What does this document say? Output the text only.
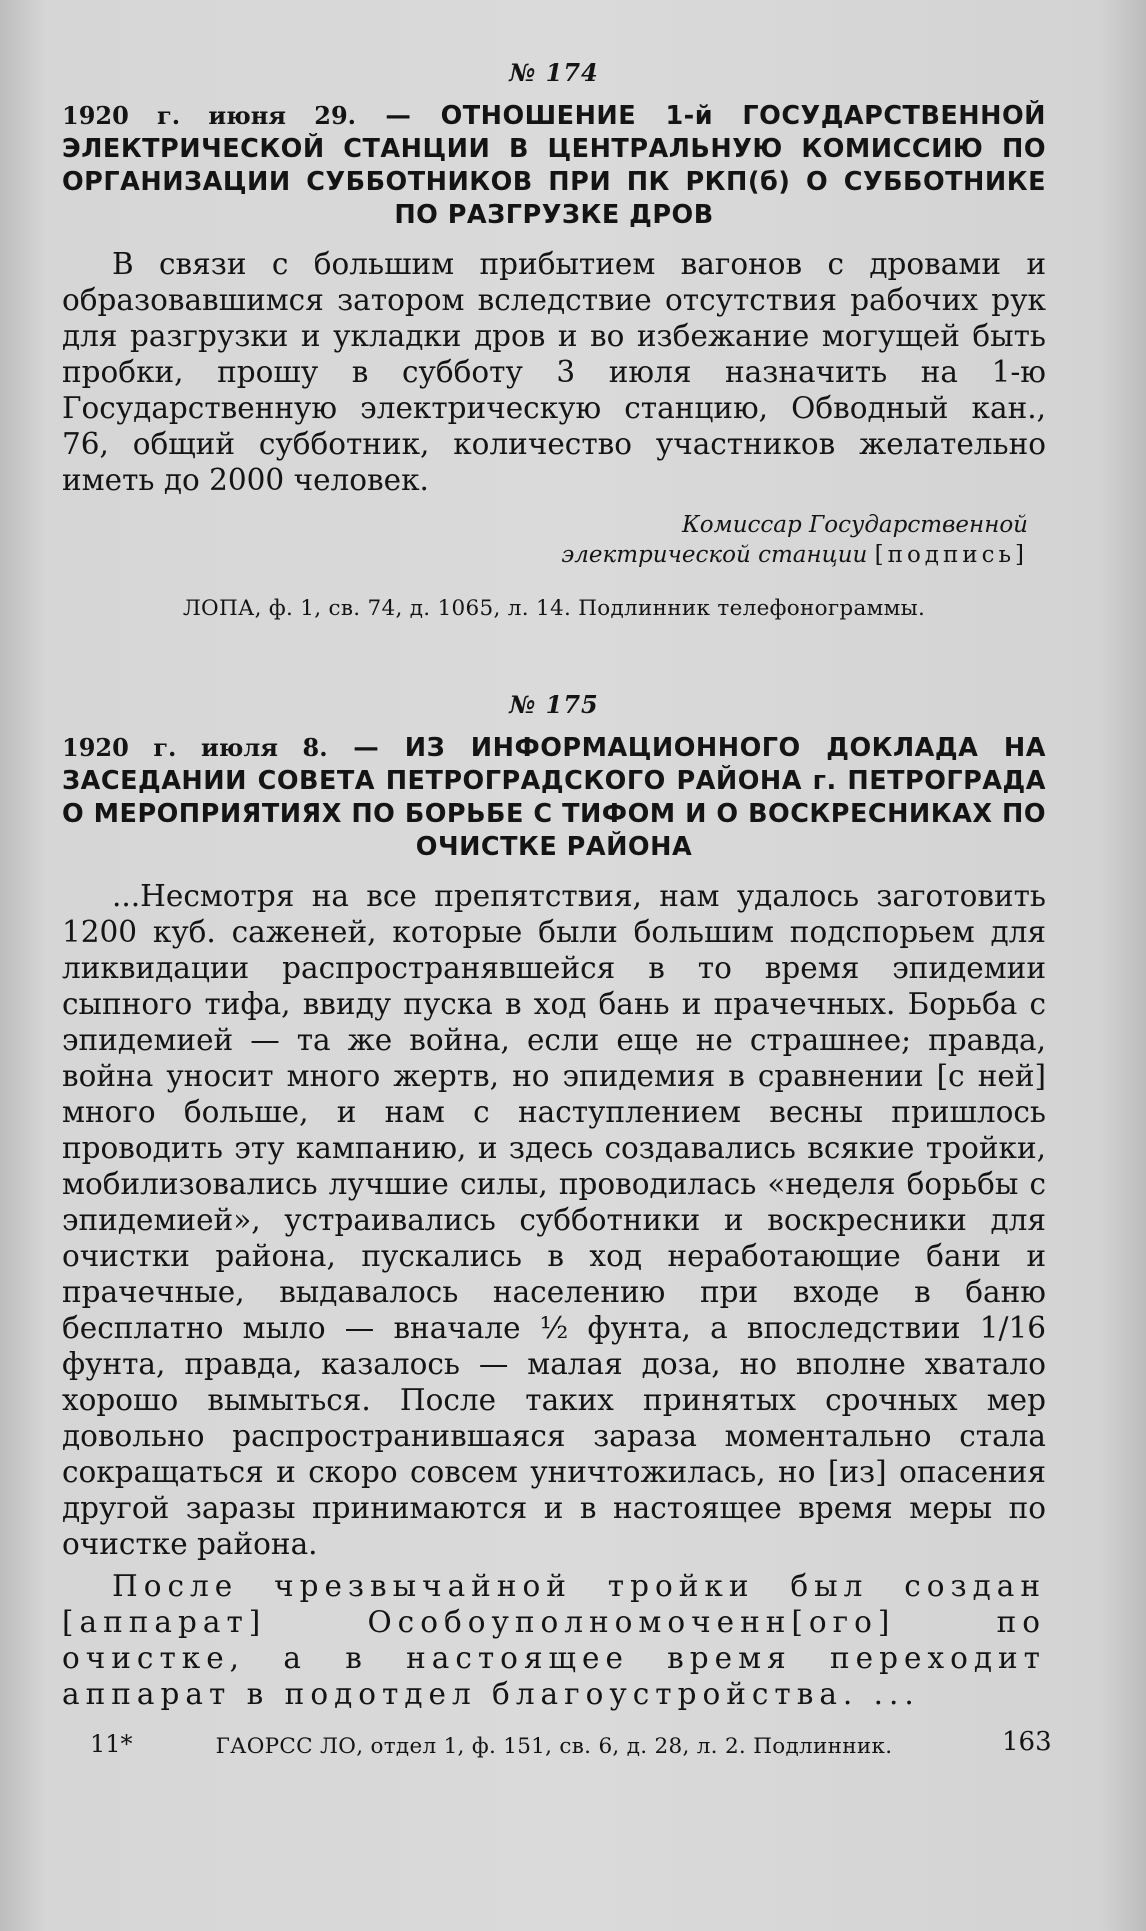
№ 174
1920 г. июня 29. — ОТНОШЕНИЕ 1-й ГОСУДАРСТВЕННОЙ ЭЛЕКТРИЧЕСКОЙ СТАНЦИИ В ЦЕНТРАЛЬНУЮ КОМИССИЮ ПО ОРГАНИЗАЦИИ СУББОТНИКОВ ПРИ ПК РКП(б) О СУББОТНИКЕ ПО РАЗГРУЗКЕ ДРОВ

В связи с большим прибытием вагонов с дровами и образовавшимся затором вследствие отсутствия рабочих рук для разгрузки и укладки дров и во избежание могущей быть пробки, прошу в субботу 3 июля назначить на 1-ю Государственную электрическую станцию, Обводный кан., 76, общий субботник, количество участников желательно иметь до 2000 человек.

Комиссар Государственной
электрической станции [подпись]
ЛОПА, ф. 1, св. 74, д. 1065, л. 14. Подлинник телефонограммы.
№ 175
1920 г. июля 8. — ИЗ ИНФОРМАЦИОННОГО ДОКЛАДА НА ЗАСЕДАНИИ СОВЕТА ПЕТРОГРАДСКОГО РАЙОНА г. ПЕТРОГРАДА О МЕРОПРИЯТИЯХ ПО БОРЬБЕ С ТИФОМ И О ВОСКРЕСНИКАХ ПО ОЧИСТКЕ РАЙОНА

...Несмотря на все препятствия, нам удалось заготовить 1200 куб. саженей, которые были большим подспорьем для ликвидации распространявшейся в то время эпидемии сыпного тифа, ввиду пуска в ход бань и прачечных. Борьба с эпидемией — та же война, если еще не страшнее; правда, война уносит много жертв, но эпидемия в сравнении [с ней] много больше, и нам с наступлением весны пришлось проводить эту кампанию, и здесь создавались всякие тройки, мобилизовались лучшие силы, проводилась «неделя борьбы с эпидемией», устраивались субботники и воскресники для очистки района, пускались в ход неработающие бани и прачечные, выдавалось населению при входе в баню бесплатно мыло — вначале ½ фунта, а впоследствии 1/16 фунта, правда, казалось — малая доза, но вполне хватало хорошо вымыться. После таких принятых срочных мер довольно распространившаяся зараза моментально стала сокращаться и скоро совсем уничтожилась, но [из] опасения другой заразы принимаются и в настоящее время меры по очистке района.

После чрезвычайной тройки был создан [аппарат] Особоуполномоченн[ого] по очистке, а в настоящее время переходит аппарат в подотдел благоустройства. ...

ГАОРСС ЛО, отдел 1, ф. 151, св. 6, д. 28, л. 2. Подлинник.
11*	163
